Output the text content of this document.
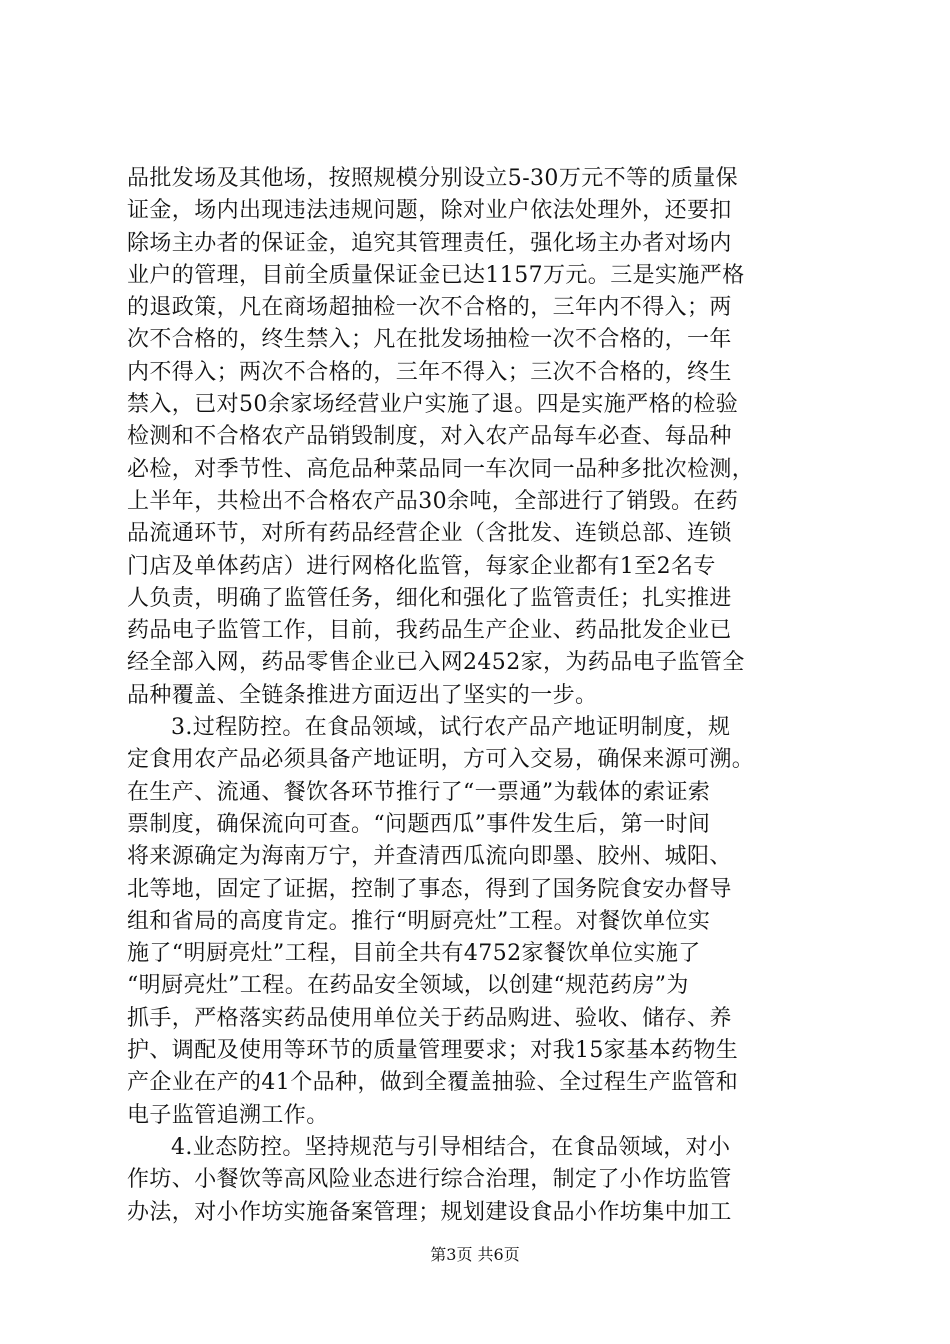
品批发场及其他场，按照规模分别设立5-30万元不等的质量保
证金，场内出现违法违规问题，除对业户依法处理外，还要扣
除场主办者的保证金，追究其管理责任，强化场主办者对场内
业户的管理，目前全质量保证金已达1157万元。三是实施严格
的退政策，凡在商场超抽检一次不合格的，三年内不得入；两
次不合格的，终生禁入；凡在批发场抽检一次不合格的，一年
内不得入；两次不合格的，三年不得入；三次不合格的，终生
禁入，已对50余家场经营业户实施了退。四是实施严格的检验
检测和不合格农产品销毁制度，对入农产品每车必查、每品种
必检，对季节性、高危品种菜品同一车次同一品种多批次检测，
上半年，共检出不合格农产品30余吨，全部进行了销毁。在药
品流通环节，对所有药品经营企业（含批发、连锁总部、连锁
门店及单体药店）进行网格化监管，每家企业都有1至2名专
人负责，明确了监管任务，细化和强化了监管责任；扎实推进
药品电子监管工作，目前，我药品生产企业、药品批发企业已
经全部入网，药品零售企业已入网2452家，为药品电子监管全
品种覆盖、全链条推进方面迈出了坚实的一步。
3.过程防控。在食品领域，试行农产品产地证明制度，规
定食用农产品必须具备产地证明，方可入交易，确保来源可溯。
在生产、流通、餐饮各环节推行了“一票通”为载体的索证索
票制度，确保流向可查。“问题西瓜”事件发生后，第一时间
将来源确定为海南万宁，并查清西瓜流向即墨、胶州、城阳、
北等地，固定了证据，控制了事态，得到了国务院食安办督导
组和省局的高度肯定。推行“明厨亮灶”工程。对餐饮单位实
施了“明厨亮灶”工程，目前全共有4752家餐饮单位实施了
“明厨亮灶”工程。在药品安全领域，以创建“规范药房”为
抓手，严格落实药品使用单位关于药品购进、验收、储存、养
护、调配及使用等环节的质量管理要求；对我15家基本药物生
产企业在产的41个品种，做到全覆盖抽验、全过程生产监管和
电子监管追溯工作。
4.业态防控。坚持规范与引导相结合，在食品领域，对小
作坊、小餐饮等高风险业态进行综合治理，制定了小作坊监管
办法，对小作坊实施备案管理；规划建设食品小作坊集中加工
第3页 共6页
